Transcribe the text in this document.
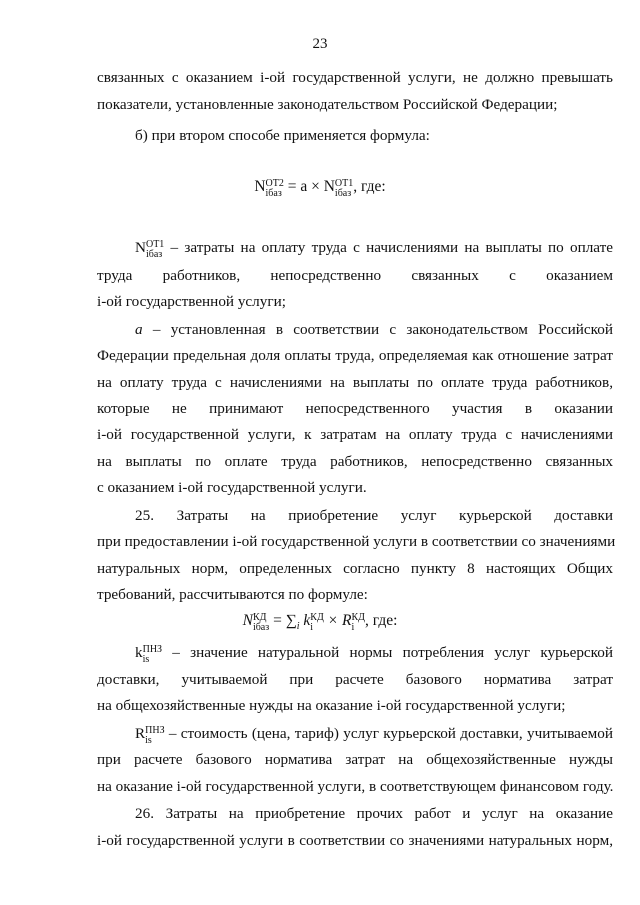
23
связанных с оказанием i-ой государственной услуги, не должно превышать
показатели, установленные законодательством Российской Федерации;
б) при втором способе применяется формула:
N ОТ2
iбаз = a × N ОТ1
iбаз , где:
N ОТ1
iбаз – затраты на оплату труда с начислениями на выплаты по оплате
труда работников, непосредственно связанных с оказанием
i-ой государственной услуги;
a – установленная в соответствии с законодательством Российской
Федерации предельная доля оплаты труда, определяемая как отношение затрат
на оплату труда с начислениями на выплаты по оплате труда работников,
которые не принимают непосредственного участия в оказании
i-ой государственной услуги, к затратам на оплату труда с начислениями
на выплаты по оплате труда работников, непосредственно связанных
с оказанием i-ой государственной услуги.
25. Затраты на приобретение услуг курьерской доставки
при предоставлении i-ой государственной услуги в соответствии со значениями
натуральных норм, определенных согласно пункту 8 настоящих Общих
требований, рассчитываются по формуле:
N КД
iбаз = $\sum_i$ k КД
i × R КД
i , где:
k ПНЗ
is	– значение натуральной нормы потребления услуг курьерской
доставки, учитываемой при расчете базового норматива затрат
на общехозяйственные нужды на оказание i-ой государственной услуги;
R ПНЗ
is	– стоимость (цена, тариф) услуг курьерской доставки, учитываемой
при расчете базового норматива затрат на общехозяйственные нужды
на оказание i-ой государственной услуги, в соответствующем финансовом году.
26. Затраты на приобретение прочих работ и услуг на оказание
i-ой государственной услуги в соответствии со значениями натуральных норм,
